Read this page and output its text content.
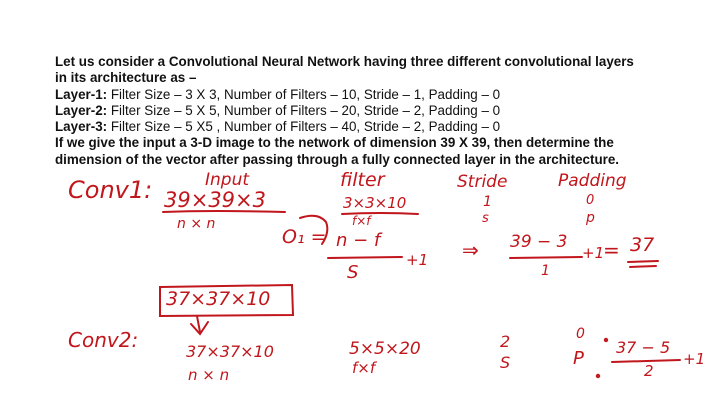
Let us consider a Convolutional Neural Network having three different convolutional layers
in its architecture as –
Layer-1: Filter Size – 3 X 3, Number of Filters – 10, Stride – 1, Padding – 0
Layer-2: Filter Size – 5 X 5, Number of Filters – 20, Stride – 2, Padding – 0
Layer-3: Filter Size – 5 X5 , Number of Filters – 40, Stride – 2, Padding – 0
If we give the input a 3-D image to the network of dimension 39 X 39, then determine the
dimension of the vector after passing through a fully connected layer in the architecture.
Conv1:	Input
39×39×3
n × n
filter
3×3×10
f×f
Stride
1
s
Padding
0
p
O₁ = n − f
S
+1 ⇒ 39 − 3
1
+1
= 37
37×37×10
Conv2:	37×37×10
n × n
5×5×20
f×f
2
S
0
P
37 − 5
2
+1
